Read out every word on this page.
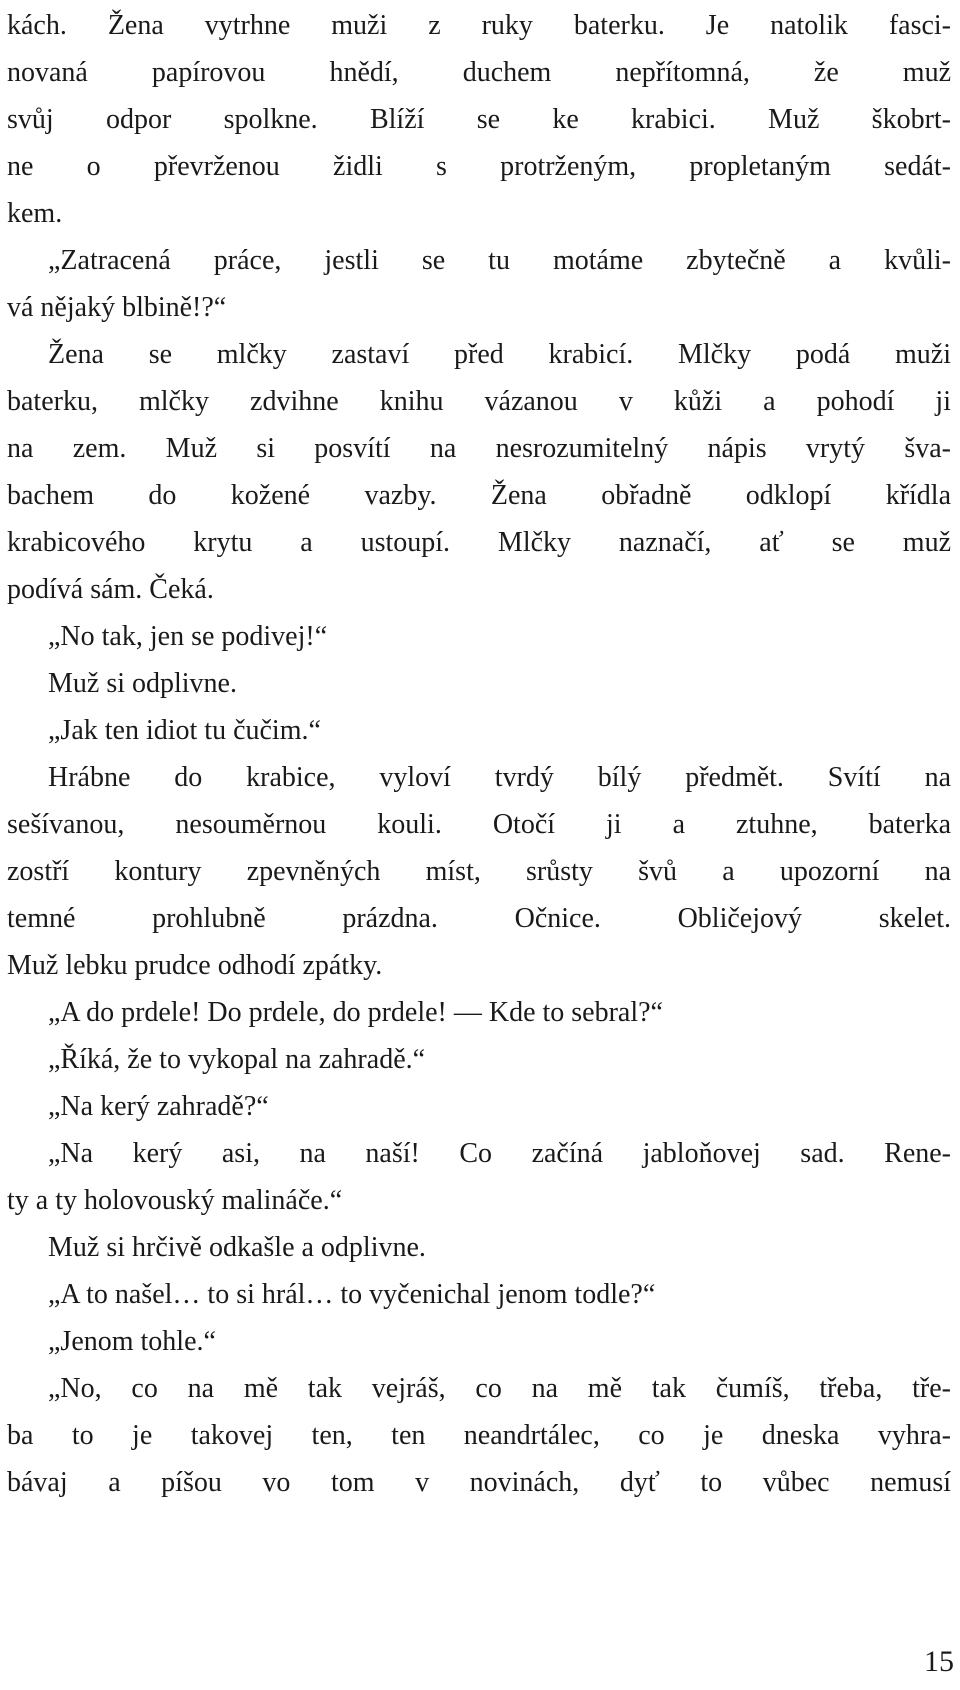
kách. Žena vytrhne muži z ruky baterku. Je natolik fasci-
novaná papírovou hnědí, duchem nepřítomná, že muž
svůj odpor spolkne. Blíží se ke krabici. Muž škobrt-
ne o převrženou židli s protrženým, propletaným sedát-
kem.
„Zatracená práce, jestli se tu motáme zbytečně a kvůli-
vá nějaký blbině!?“
Žena se mlčky zastaví před krabicí. Mlčky podá muži
baterku, mlčky zdvihne knihu vázanou v kůži a pohodí ji
na zem. Muž si posvítí na nesrozumitelný nápis vrytý šva-
bachem do kožené vazby. Žena obřadně odklopí křídla
krabicového krytu a ustoupí. Mlčky naznačí, ať se muž
podívá sám. Čeká.
„No tak, jen se podivej!“
Muž si odplivne.
„Jak ten idiot tu čučim.“
Hrábne do krabice, vyloví tvrdý bílý předmět. Svítí na
sešívanou, nesouměrnou kouli. Otočí ji a ztuhne, baterka
zostří kontury zpevněných míst, srůsty švů a upozorní na
temné prohlubně prázdna. Očnice. Obličejový skelet.
Muž lebku prudce odhodí zpátky.
„A do prdele! Do prdele, do prdele! — Kde to sebral?“
„Říká, že to vykopal na zahradě.“
„Na kerý zahradě?“
„Na kerý asi, na naší! Co začíná jabloňovej sad. Rene-
ty a ty holovouský malináče.“
Muž si hrčivě odkašle a odplivne.
„A to našel… to si hrál… to vyčenichal jenom todle?“
„Jenom tohle.“
„No, co na mě tak vejráš, co na mě tak čumíš, třeba, tře-
ba to je takovej ten, ten neandrtálec, co je dneska vyhra-
bávaj a píšou vo tom v novinách, dyť to vůbec nemusí
15
